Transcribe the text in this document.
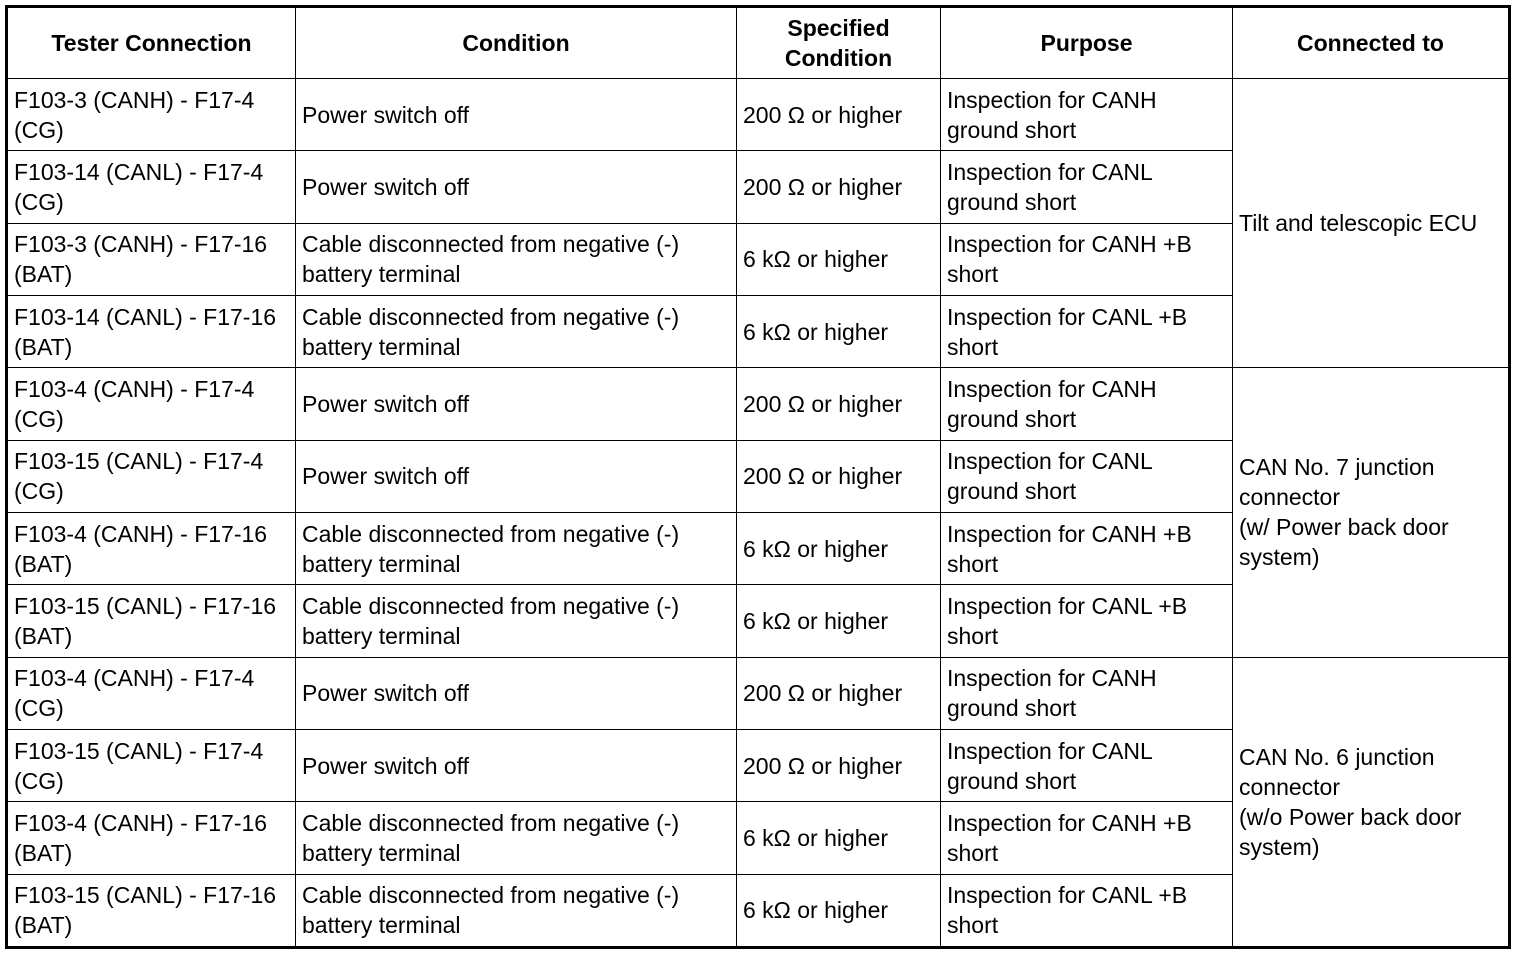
Tester Connection	Condition	Specified Condition	Purpose	Connected to
F103-3 (CANH) - F17-4 (CG)	Power switch off	200 Ω or higher	Inspection for CANH ground short	Tilt and telescopic ECU
F103-14 (CANL) - F17-4 (CG)	Power switch off	200 Ω or higher	Inspection for CANL ground short	
F103-3 (CANH) - F17-16 (BAT)	Cable disconnected from negative (-) battery terminal	6 kΩ or higher	Inspection for CANH +B short	
F103-14 (CANL) - F17-16 (BAT)	Cable disconnected from negative (-) battery terminal	6 kΩ or higher	Inspection for CANL +B short	
F103-4 (CANH) - F17-4 (CG)	Power switch off	200 Ω or higher	Inspection for CANH ground short	CAN No. 7 junction connector
(w/ Power back door system)
F103-15 (CANL) - F17-4 (CG)	Power switch off	200 Ω or higher	Inspection for CANL ground short	
F103-4 (CANH) - F17-16 (BAT)	Cable disconnected from negative (-) battery terminal	6 kΩ or higher	Inspection for CANH +B short	
F103-15 (CANL) - F17-16 (BAT)	Cable disconnected from negative (-) battery terminal	6 kΩ or higher	Inspection for CANL +B short	
F103-4 (CANH) - F17-4 (CG)	Power switch off	200 Ω or higher	Inspection for CANH ground short	CAN No. 6 junction connector
(w/o Power back door system)
F103-15 (CANL) - F17-4 (CG)	Power switch off	200 Ω or higher	Inspection for CANL ground short	
F103-4 (CANH) - F17-16 (BAT)	Cable disconnected from negative (-) battery terminal	6 kΩ or higher	Inspection for CANH +B short	
F103-15 (CANL) - F17-16 (BAT)	Cable disconnected from negative (-) battery terminal	6 kΩ or higher	Inspection for CANL +B short	
